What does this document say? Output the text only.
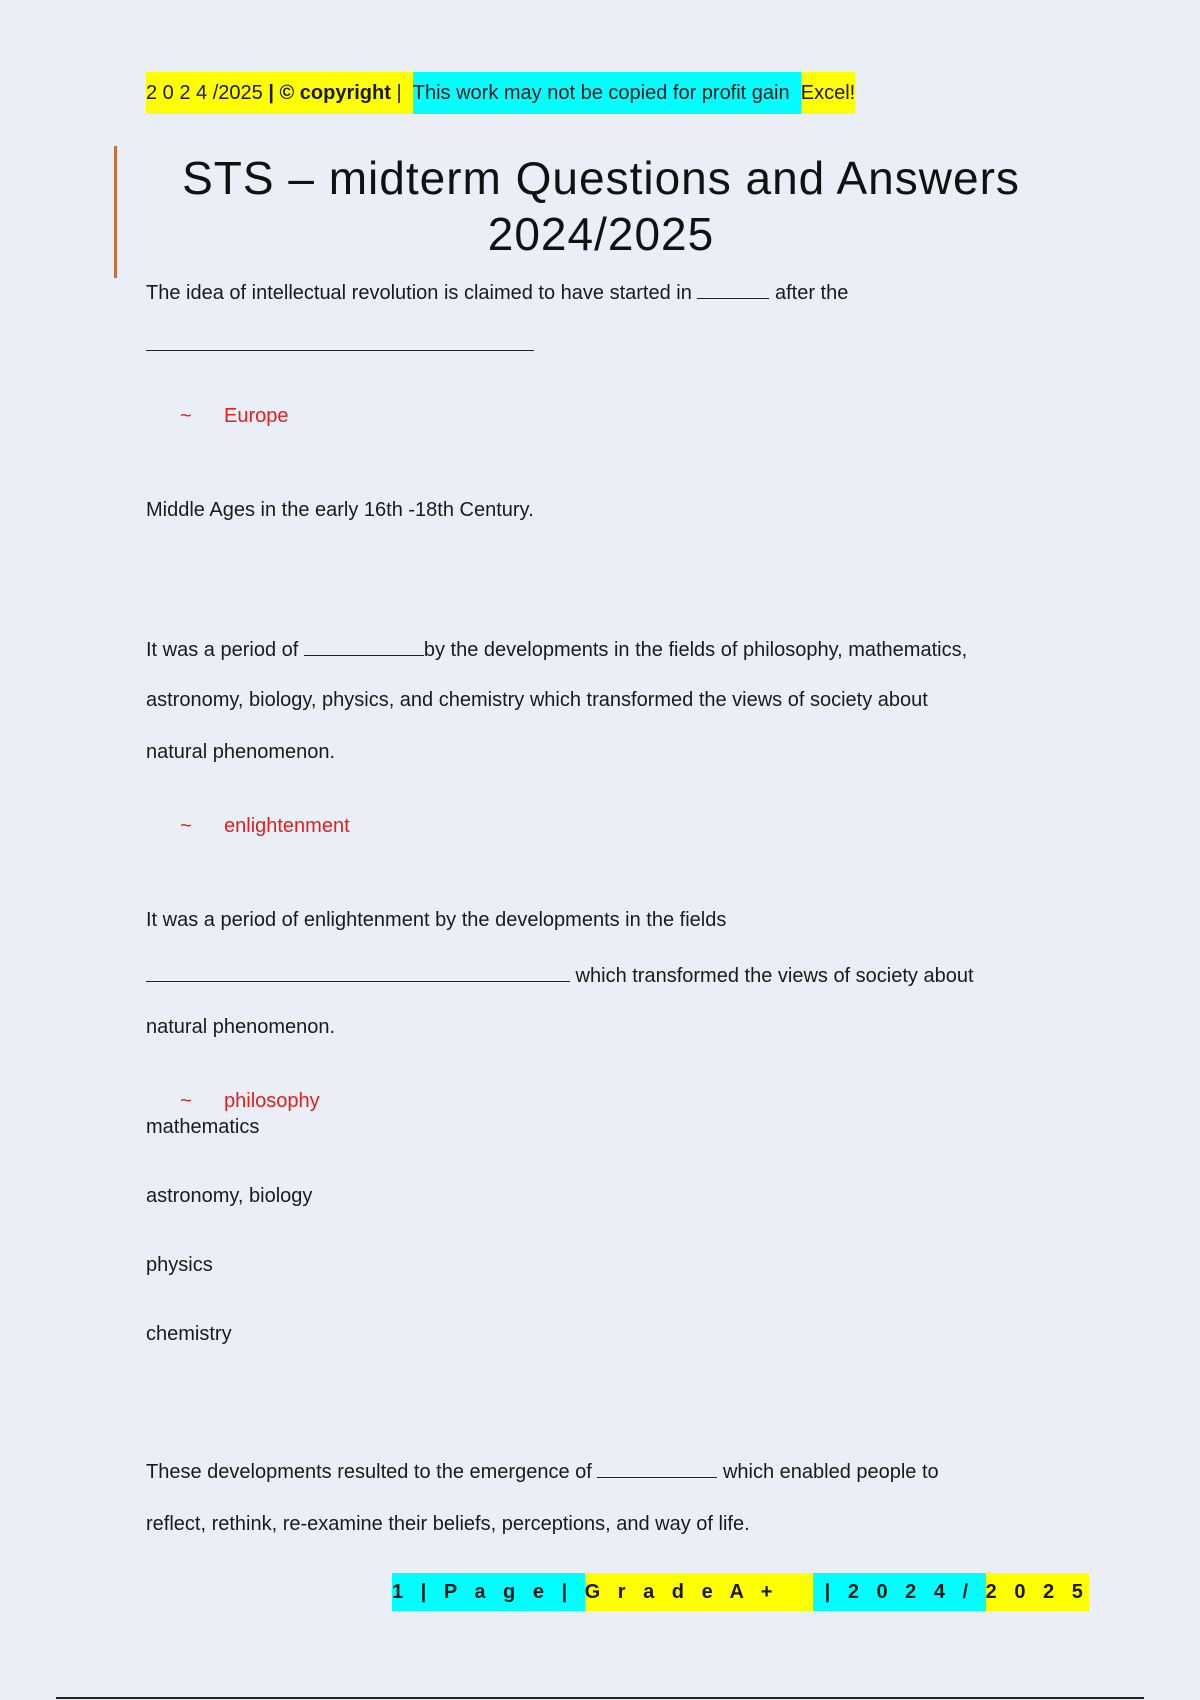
2 0 2 4 /2025 | © copyright | This work may not be copied for profit gain Excel!
STS – midterm Questions and Answers
2024/2025
The idea of intellectual revolution is claimed to have started in	after the
~ Europe
Middle Ages in the early 16th -18th Century.
It was a period of	by the developments in the fields of philosophy, mathematics,
astronomy, biology, physics, and chemistry which transformed the views of society about
natural phenomenon.
~ enlightenment
It was a period of enlightenment by the developments in the fields
which transformed the views of society about
natural phenomenon.
~ philosophy
mathematics
astronomy, biology
physics
chemistry
These developments resulted to the emergence of	which enabled people to
reflect, rethink, re-examine their beliefs, perceptions, and way of life.
1 | P a g e | G r a d e A + | 2 0 2 4 / 2 0 2 5
